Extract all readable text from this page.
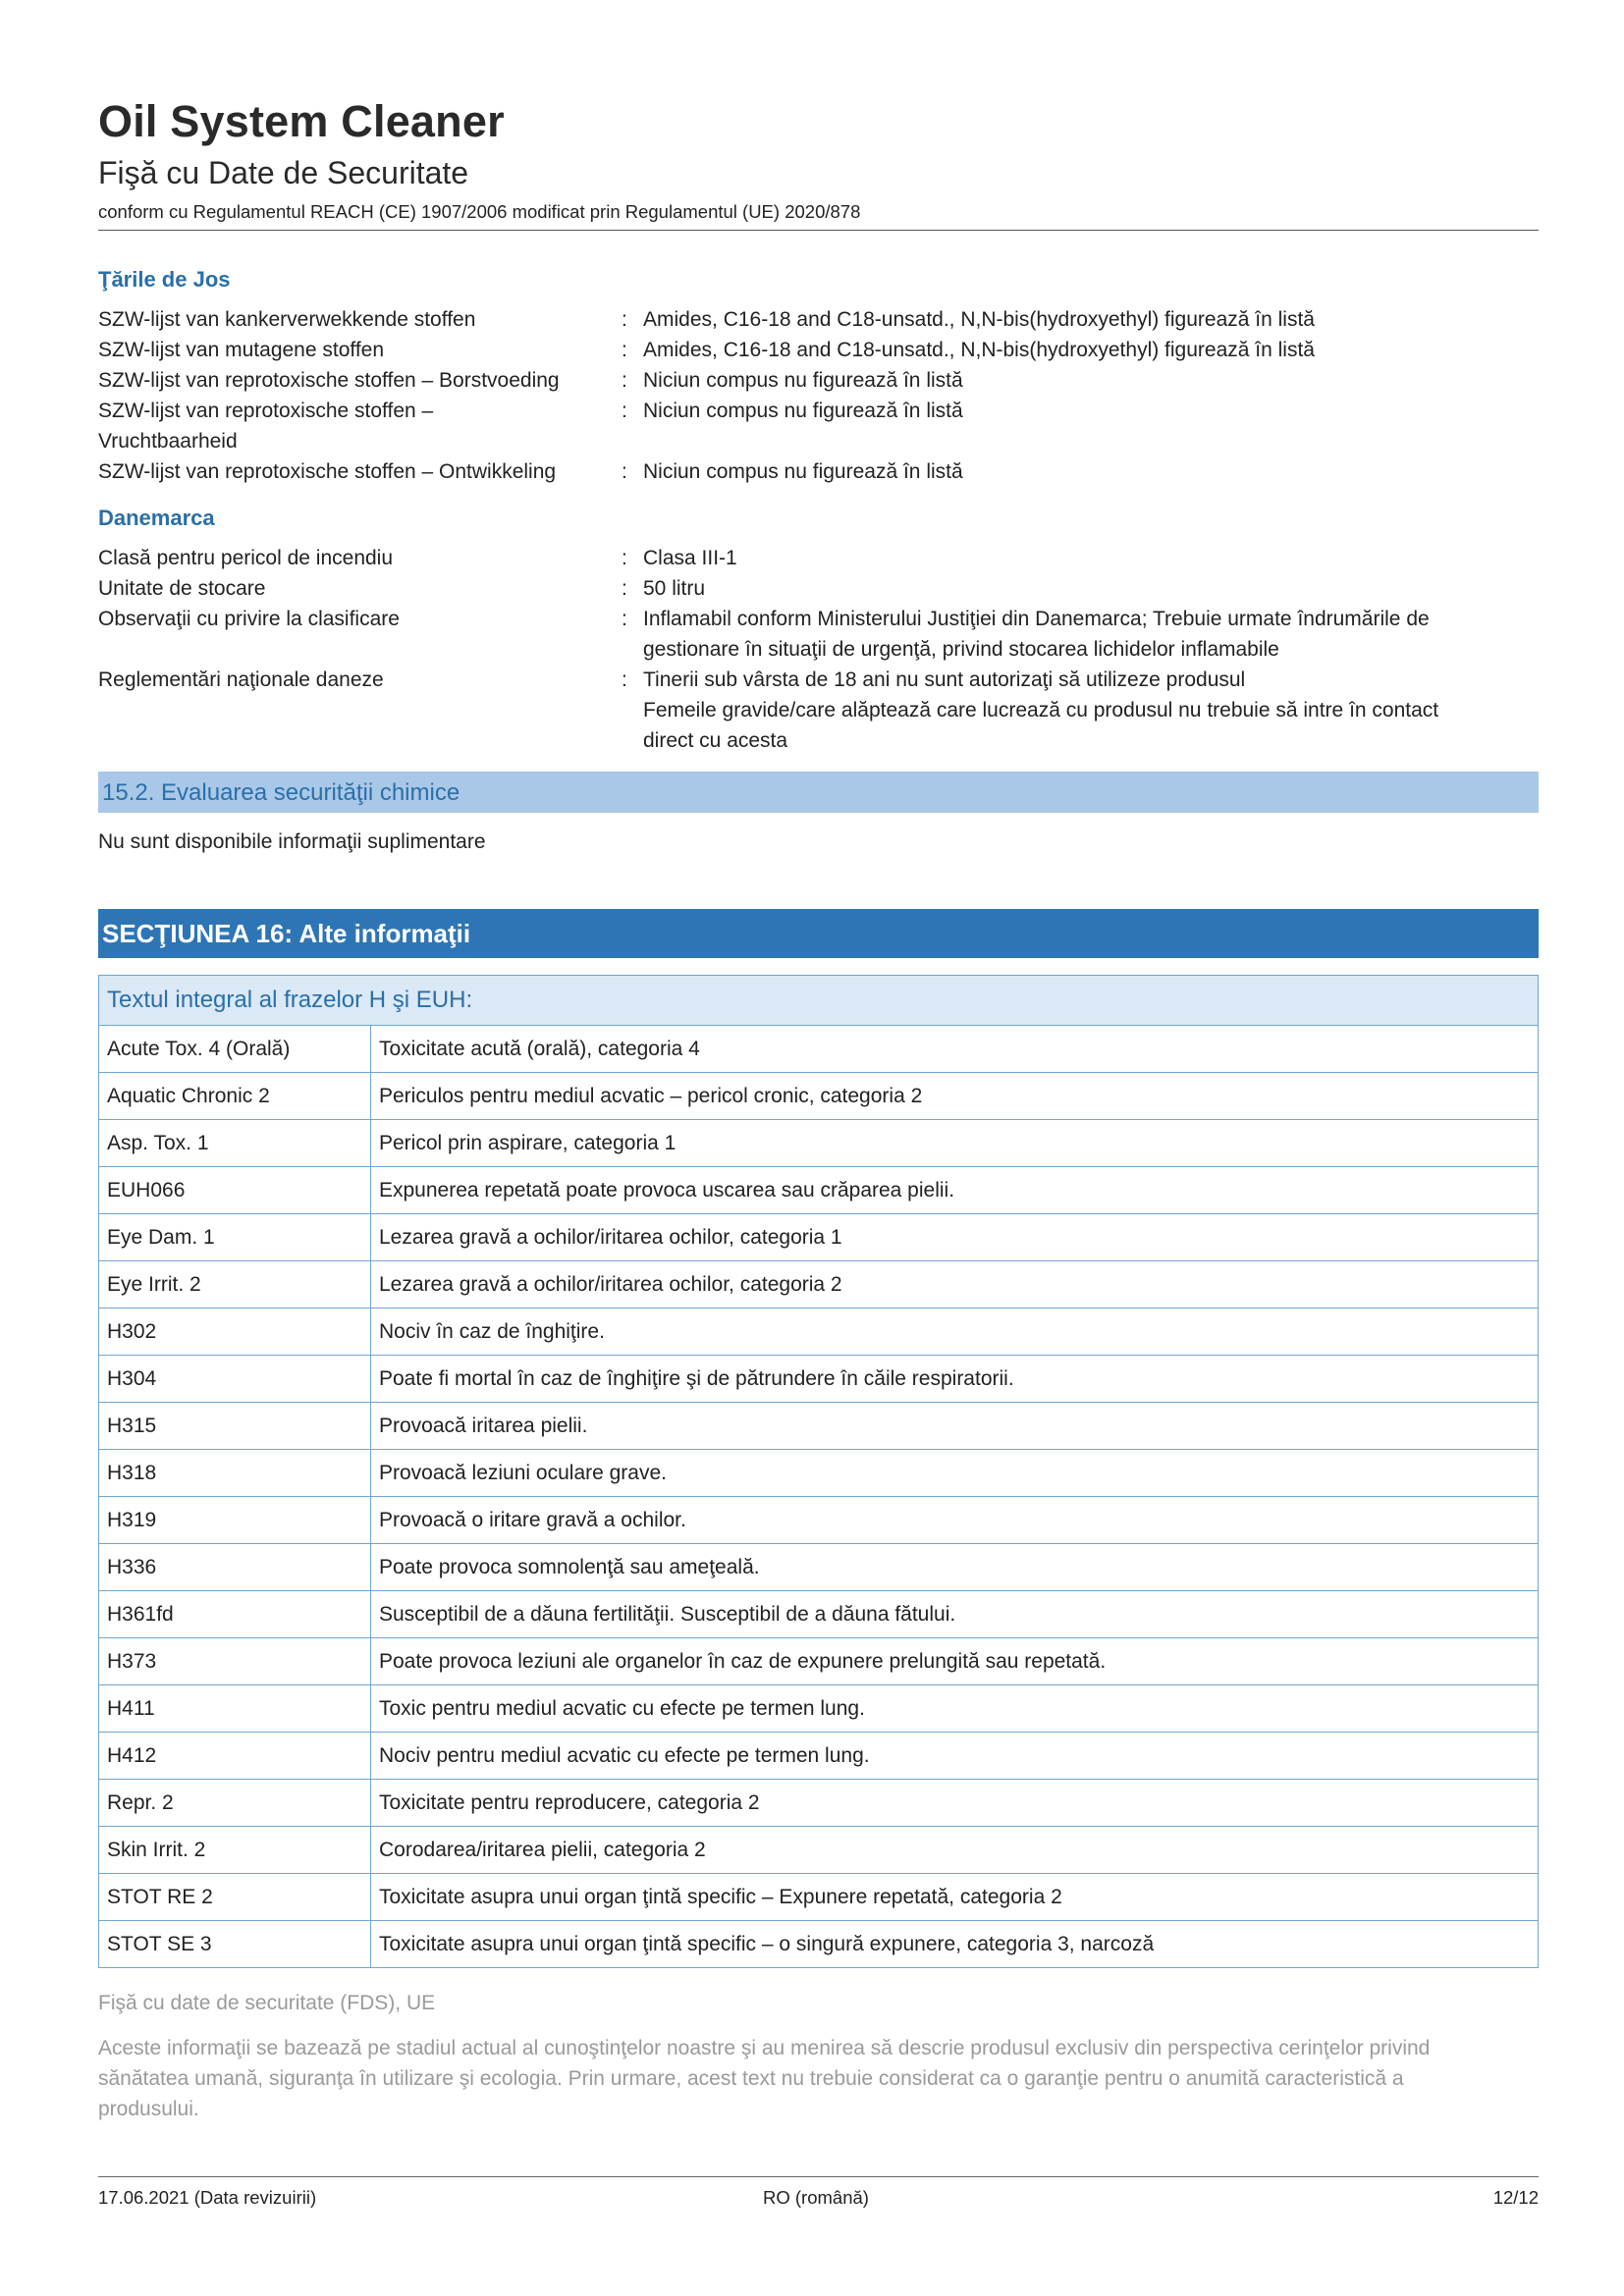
Oil System Cleaner
Fişă cu Date de Securitate
conform cu Regulamentul REACH (CE) 1907/2006 modificat prin Regulamentul (UE) 2020/878
Ţările de Jos
SZW-lijst van kankerverwekkende stoffen	: Amides, C16-18 and C18-unsatd., N,N-bis(hydroxyethyl) figurează în listă
SZW-lijst van mutagene stoffen	: Amides, C16-18 and C18-unsatd., N,N-bis(hydroxyethyl) figurează în listă
SZW-lijst van reprotoxische stoffen – Borstvoeding	: Niciun compus nu figurează în listă
SZW-lijst van reprotoxische stoffen –	: Niciun compus nu figurează în listă
Vruchtbaarheid
SZW-lijst van reprotoxische stoffen – Ontwikkeling	: Niciun compus nu figurează în listă
Danemarca
Clasă pentru pericol de incendiu	: Clasa III-1
Unitate de stocare	: 50 litru
Observaţii cu privire la clasificare	: Inflamabil conform Ministerului Justiţiei din Danemarca; Trebuie urmate îndrumările de
gestionare în situaţii de urgenţă, privind stocarea lichidelor inflamabile
Reglementări naţionale daneze	: Tinerii sub vârsta de 18 ani nu sunt autorizaţi să utilizeze produsul
Femeile gravide/care alăptează care lucrează cu produsul nu trebuie să intre în contact
direct cu acesta
15.2. Evaluarea securităţii chimice
Nu sunt disponibile informaţii suplimentare
SECŢIUNEA 16: Alte informaţii
Textul integral al frazelor H şi EUH:	
Acute Tox. 4 (Orală)	Toxicitate acută (orală), categoria 4
Aquatic Chronic 2	Periculos pentru mediul acvatic – pericol cronic, categoria 2
Asp. Tox. 1	Pericol prin aspirare, categoria 1
EUH066	Expunerea repetată poate provoca uscarea sau crăparea pielii.
Eye Dam. 1	Lezarea gravă a ochilor/iritarea ochilor, categoria 1
Eye Irrit. 2	Lezarea gravă a ochilor/iritarea ochilor, categoria 2
H302	Nociv în caz de înghiţire.
H304	Poate fi mortal în caz de înghiţire şi de pătrundere în căile respiratorii.
H315	Provoacă iritarea pielii.
H318	Provoacă leziuni oculare grave.
H319	Provoacă o iritare gravă a ochilor.
H336	Poate provoca somnolenţă sau ameţeală.
H361fd	Susceptibil de a dăuna fertilităţii. Susceptibil de a dăuna fătului.
H373	Poate provoca leziuni ale organelor în caz de expunere prelungită sau repetată.
H411	Toxic pentru mediul acvatic cu efecte pe termen lung.
H412	Nociv pentru mediul acvatic cu efecte pe termen lung.
Repr. 2	Toxicitate pentru reproducere, categoria 2
Skin Irrit. 2	Corodarea/iritarea pielii, categoria 2
STOT RE 2	Toxicitate asupra unui organ ţintă specific – Expunere repetată, categoria 2
STOT SE 3	Toxicitate asupra unui organ ţintă specific – o singură expunere, categoria 3, narcoză
Fişă cu date de securitate (FDS), UE
Aceste informaţii se bazează pe stadiul actual al cunoştinţelor noastre şi au menirea să descrie produsul exclusiv din perspectiva cerinţelor privind
sănătatea umană, siguranţa în utilizare şi ecologia. Prin urmare, acest text nu trebuie considerat ca o garanţie pentru o anumită caracteristică a
produsului.
17.06.2021 (Data revizuirii)	RO (română)	12/12
